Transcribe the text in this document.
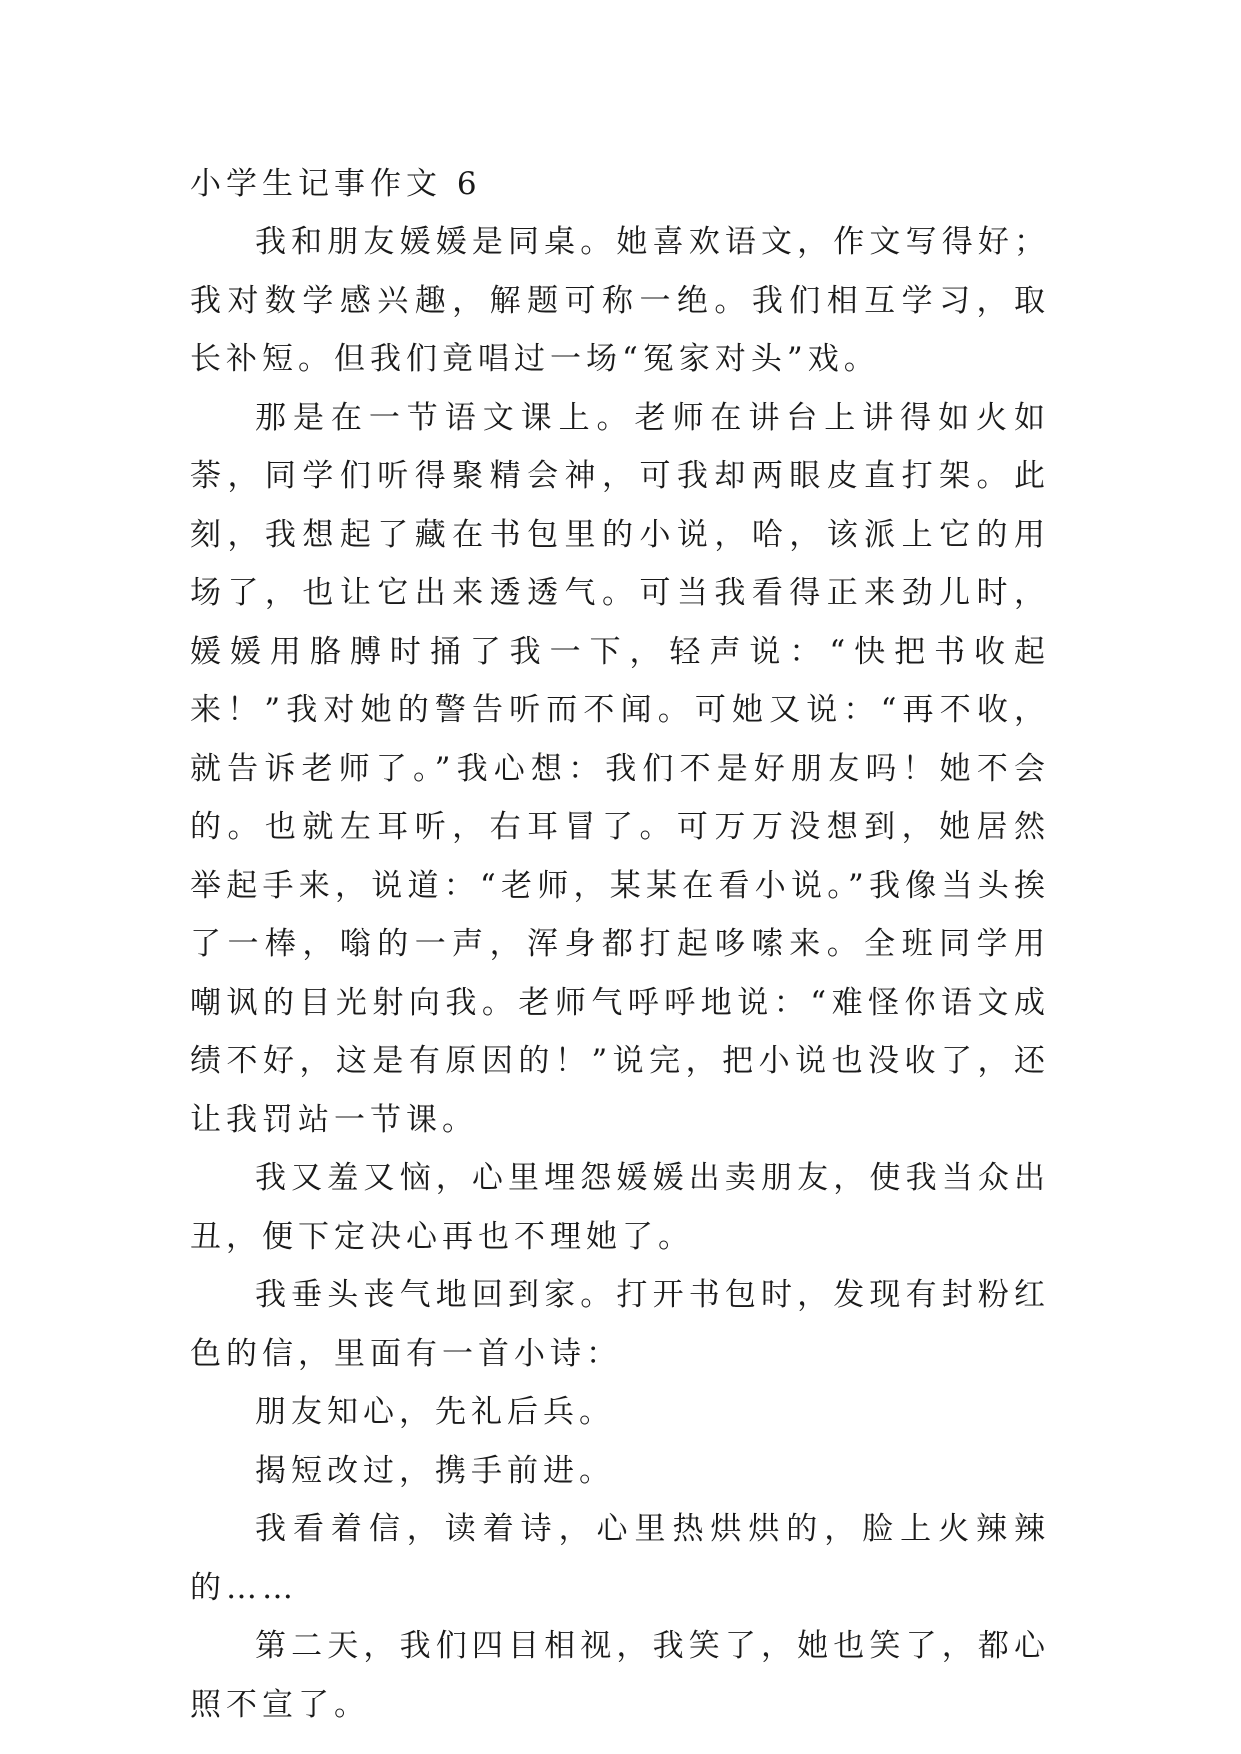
小学生记事作文 6

我和朋友媛媛是同桌。她喜欢语文，作文写得好；我对数学感兴趣，解题可称一绝。我们相互学习，取长补短。但我们竟唱过一场“冤家对头”戏。

那是在一节语文课上。老师在讲台上讲得如火如荼，同学们听得聚精会神，可我却两眼皮直打架。此刻，我想起了藏在书包里的小说，哈，该派上它的用场了，也让它出来透透气。可当我看得正来劲儿时，媛媛用胳膊时捅了我一下，轻声说：“快把书收起来！”我对她的警告听而不闻。可她又说：“再不收，就告诉老师了。”我心想：我们不是好朋友吗！她不会的。也就左耳听，右耳冒了。可万万没想到，她居然举起手来，说道：“老师，某某在看小说。”我像当头挨了一棒，嗡的一声，浑身都打起哆嗦来。全班同学用嘲讽的目光射向我。老师气呼呼地说：“难怪你语文成绩不好，这是有原因的！”说完，把小说也没收了，还让我罚站一节课。

我又羞又恼，心里埋怨媛媛出卖朋友，使我当众出丑，便下定决心再也不理她了。

我垂头丧气地回到家。打开书包时，发现有封粉红色的信，里面有一首小诗：

朋友知心，先礼后兵。

揭短改过，携手前进。

我看着信，读着诗，心里热烘烘的，脸上火辣辣的……

第二天，我们四目相视，我笑了，她也笑了，都心照不宣了。
